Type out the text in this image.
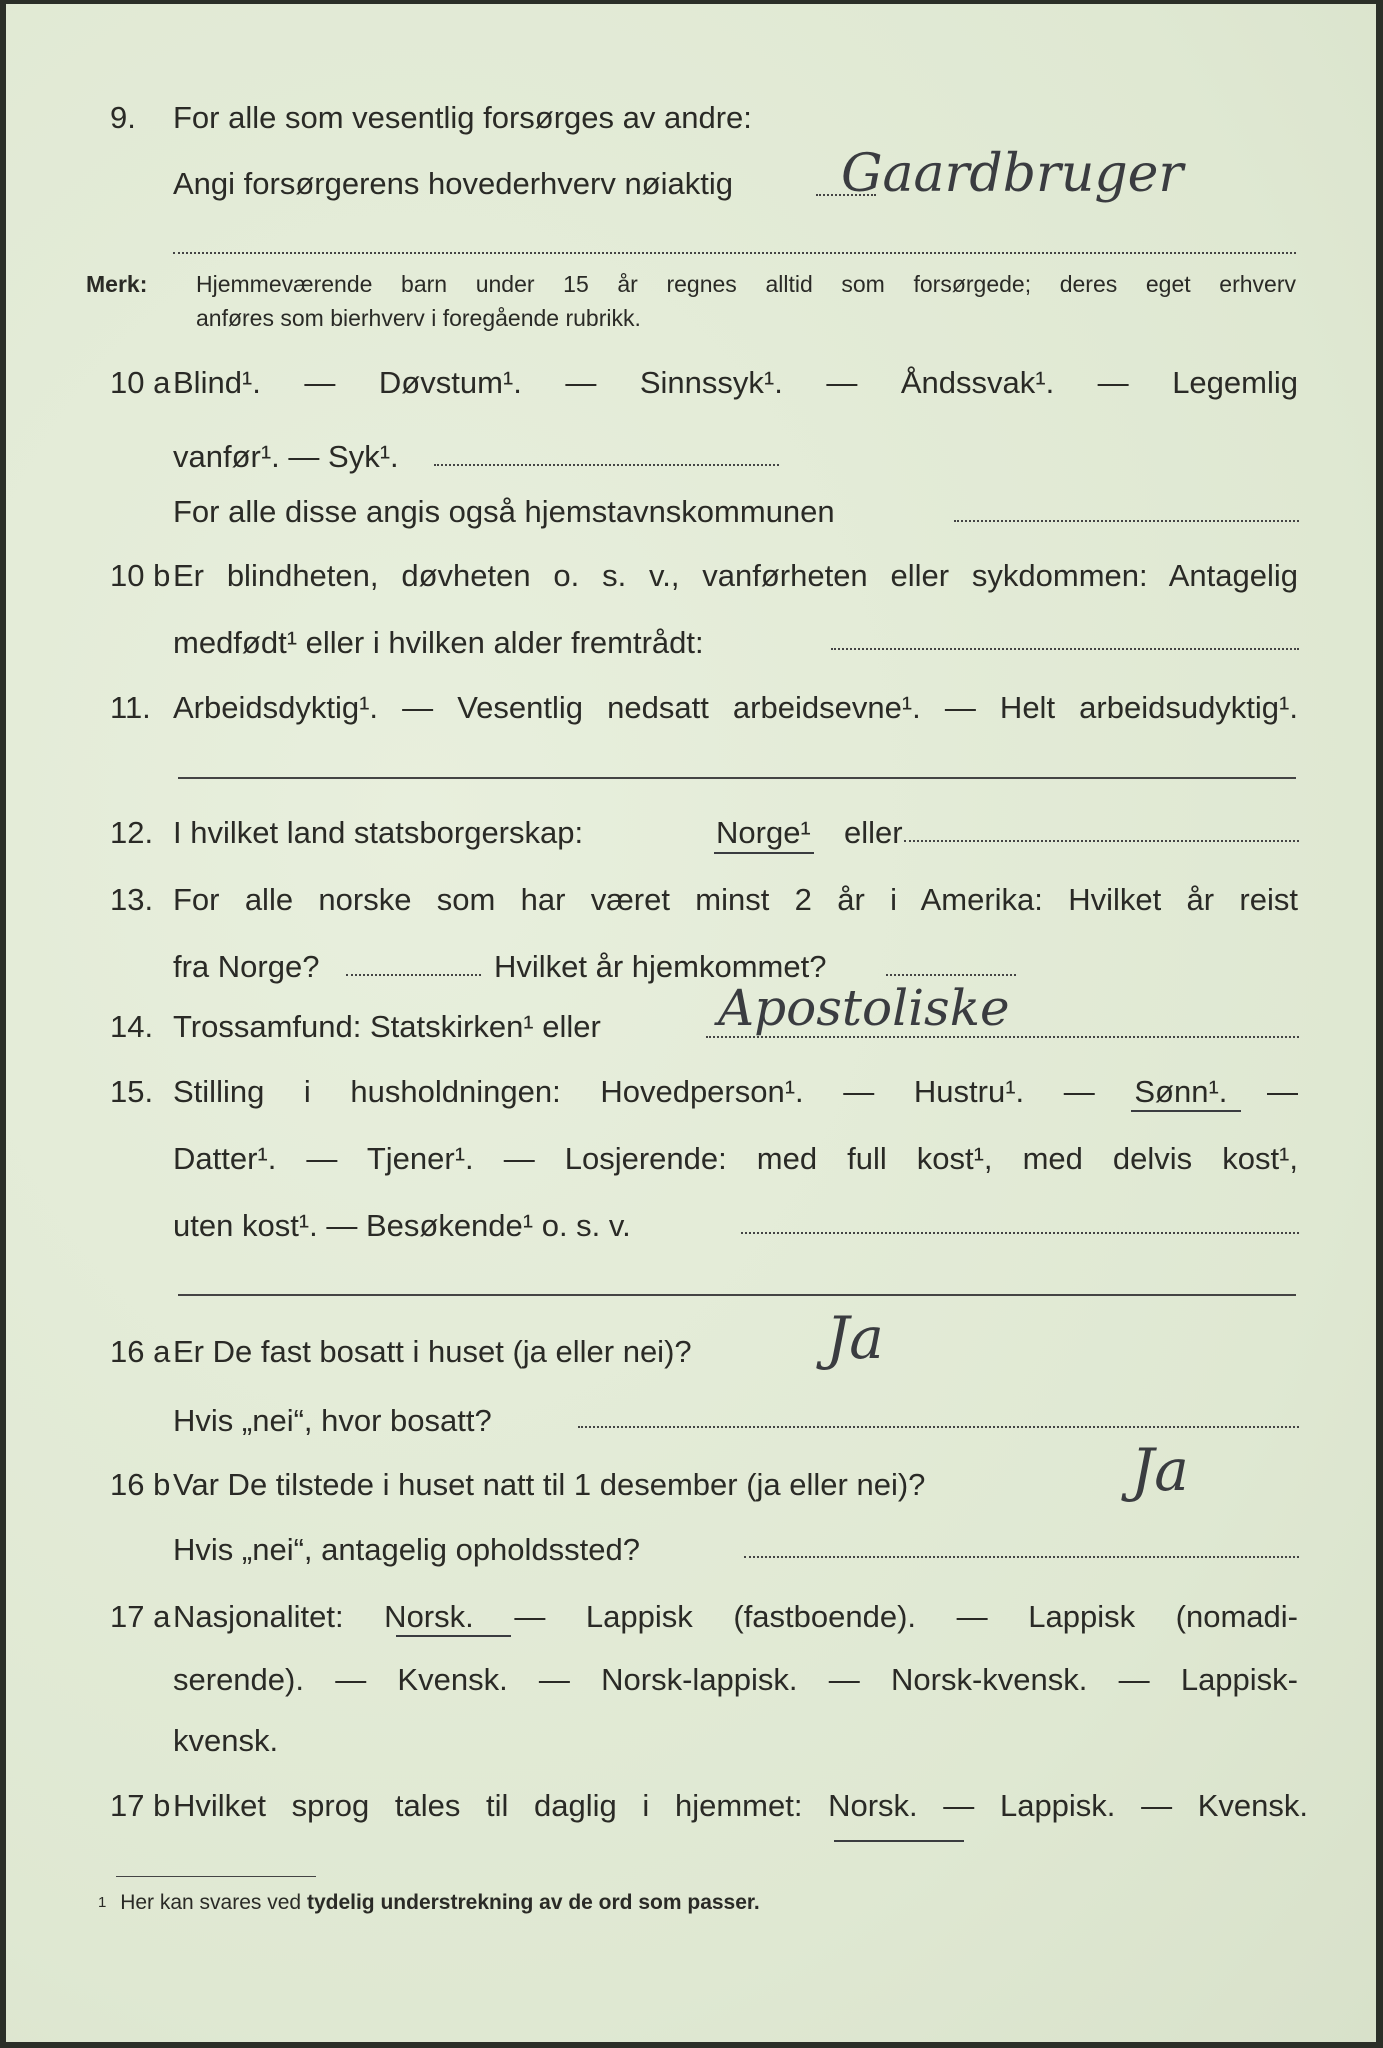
9. For alle som vesentlig forsørges av andre:
Angi forsørgerens hovederhverv nøiaktig Gaardbruger
Merk: Hjemmeværende barn under 15 år regnes alltid som forsørgede; deres eget erhverv
anføres som bierhverv i foregående rubrikk.
10 a Blind¹. — Døvstum¹. — Sinnssyk¹. — Åndssvak¹. — Legemlig
vanfør¹. — Syk¹.
For alle disse angis også hjemstavnskommunen
10 b Er blindheten, døvheten o. s. v., vanførheten eller sykdommen: Antagelig
medfødt¹ eller i hvilken alder fremtrådt:
11. Arbeidsdyktig¹. — Vesentlig nedsatt arbeidsevne¹. — Helt arbeidsudyktig¹.
12. I hvilket land statsborgerskap:	Norge¹ eller
13. For alle norske som har været minst 2 år i Amerika: Hvilket år reist
fra Norge?	Hvilket år hjemkommet?
14. Trossamfund: Statskirken¹ eller Apostoliske
15. Stilling i husholdningen: Hovedperson¹. — Hustru¹. — Sønn¹. —
Datter¹. — Tjener¹. — Losjerende: med full kost¹, med delvis kost¹,
uten kost¹. — Besøkende¹ o. s. v.
16 a Er De fast bosatt i huset (ja eller nei)? Ja
Hvis „nei“, hvor bosatt?
16 b Var De tilstede i huset natt til 1 desember (ja eller nei)?	Ja
Hvis „nei“, antagelig opholdssted?
17 a Nasjonalitet: Norsk. — Lappisk (fastboende). — Lappisk (nomadi-
serende). — Kvensk. — Norsk-lappisk. — Norsk-kvensk. — Lappisk-
kvensk.
17 b Hvilket sprog tales til daglig i hjemmet: Norsk. — Lappisk. — Kvensk.
$^1$ Her kan svares ved tydelig understrekning av de ord som passer.
